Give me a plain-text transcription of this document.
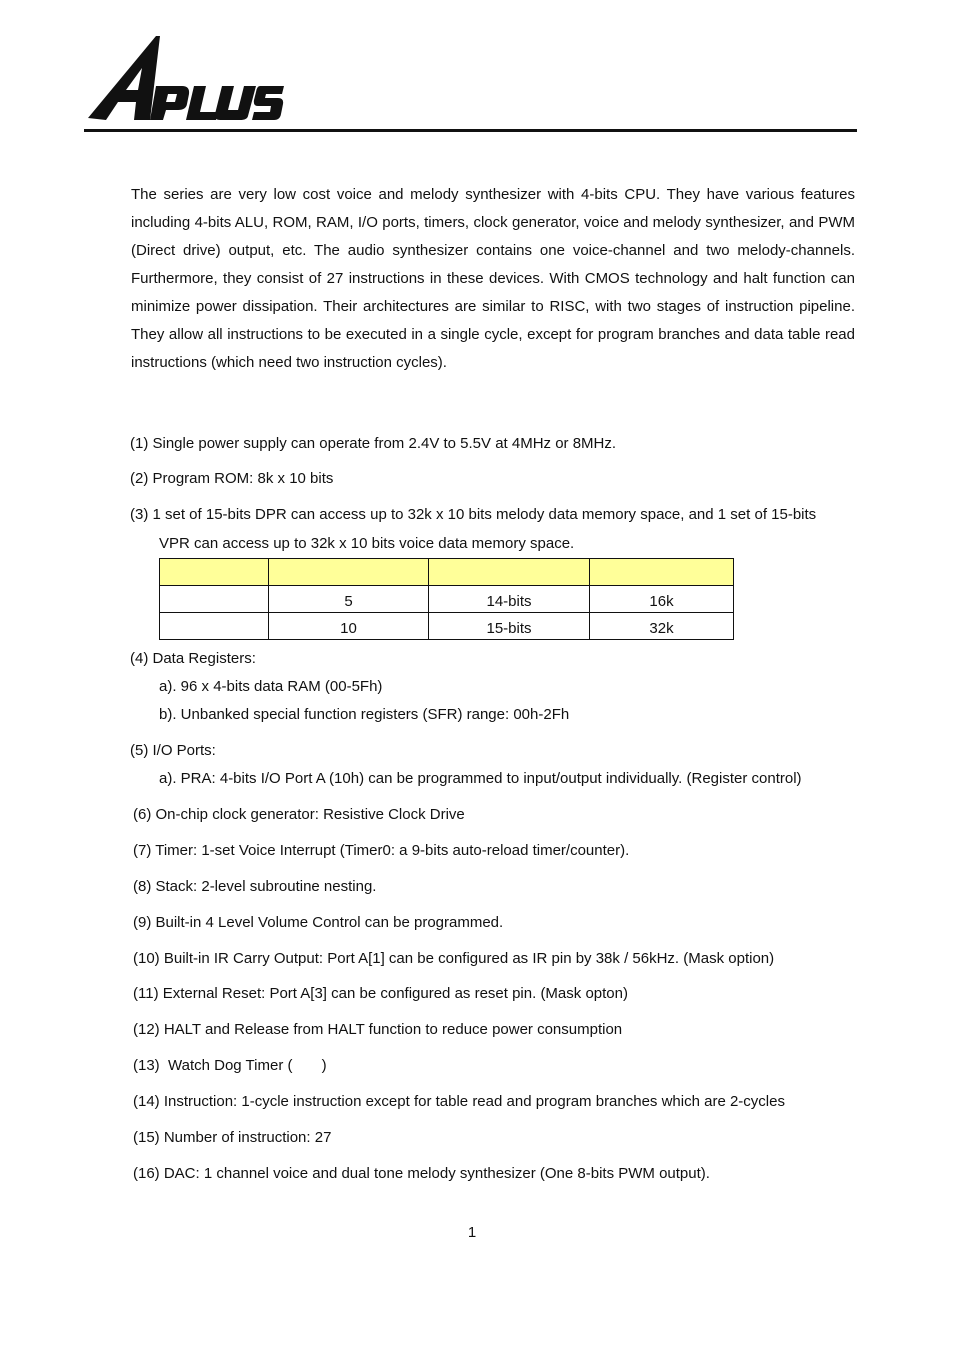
The series are very low cost voice and melody synthesizer with 4-bits CPU. They have various features including 4-bits ALU, ROM, RAM, I/O ports, timers, clock generator, voice and melody synthesizer, and PWM (Direct drive) output, etc. The audio synthesizer contains one voice-channel and two melody-channels. Furthermore, they consist of 27 instructions in these devices. With CMOS technology and halt function can minimize power dissipation. Their architectures are similar to RISC, with two stages of instruction pipeline. They allow all instructions to be executed in a single cycle, except for program branches and data table read instructions (which need two instruction cycles).

(1) Single power supply can operate from 2.4V to 5.5V at 4MHz or 8MHz.
(2) Program ROM: 8k x 10 bits
(3) 1 set of 15-bits DPR can access up to 32k x 10 bits melody data memory space, and 1 set of 15-bits
VPR can access up to 32k x 10 bits voice data memory space.

	5	14-bits	16k
	10	15-bits	32k
(4) Data Registers:
a). 96 x 4-bits data RAM (00-5Fh)
b). Unbanked special function registers (SFR) range: 00h-2Fh
(5) I/O Ports:
a). PRA: 4-bits I/O Port A (10h) can be programmed to input/output individually. (Register control)
(6) On-chip clock generator: Resistive Clock Drive
(7) Timer: 1-set Voice Interrupt (Timer0: a 9-bits auto-reload timer/counter).
(8) Stack: 2-level subroutine nesting.
(9) Built-in 4 Level Volume Control can be programmed.
(10) Built-in IR Carry Output: Port A[1] can be configured as IR pin by 38k / 56kHz. (Mask option)
(11) External Reset: Port A[3] can be configured as reset pin. (Mask opton)
(12) HALT and Release from HALT function to reduce power consumption
(13)  Watch Dog Timer (       )
(14) Instruction: 1-cycle instruction except for table read and program branches which are 2-cycles
(15) Number of instruction: 27
(16) DAC: 1 channel voice and dual tone melody synthesizer (One 8-bits PWM output).
1
